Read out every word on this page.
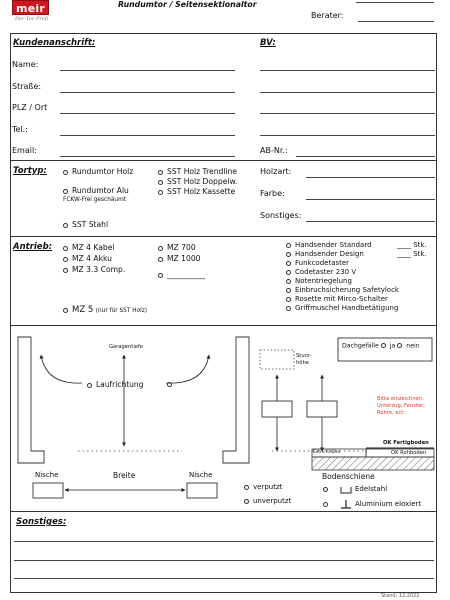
meir
Der Tor-Profi
Rundumtor / Seitensektionaltor
Berater:
Kundenanschrift:	BV:
Name:
Straße:
PLZ / Ort
Tel.:
Email:	AB-Nr.:
Tortyp:	Rundumtor Holz
Rundumtor Alu
FCKW-Frei geschäumt
SST Stahl
SST Holz Trendline
SST Holz Doppelw.
SST Holz Kassette
Holzart:
Farbe:
Sonstiges:
Antrieb:	MZ 4 Kabel
MZ 4 Akku
MZ 3.3 Comp.
MZ 5 (nur für SST Holz)
MZ 700
MZ 1000
__________
Handsender Standard	____ Stk.
Handsender Design	____ Stk.
Funkcodetaster
Codetaster 230 V
Notentriegelung
Einbruchsicherung Safetylock
Rosette mit Mirco-Schalter
Griffmuschel Handbetätigung
Garagentiefe
Laufrichtung
Nische	Breite	Nische
Sturz-
höhe
Dachgefälle ja nein
Bitte einzeichnen: Unterzug, Fenster, Rohre, ect.
OK Fertigboden
Estrichhöhe	OK Rohboden
Bodenschiene
verputzt
unverputzt
Edelstahl
Aluminium eloxiert
Sonstiges:
Stand: 12.2022
